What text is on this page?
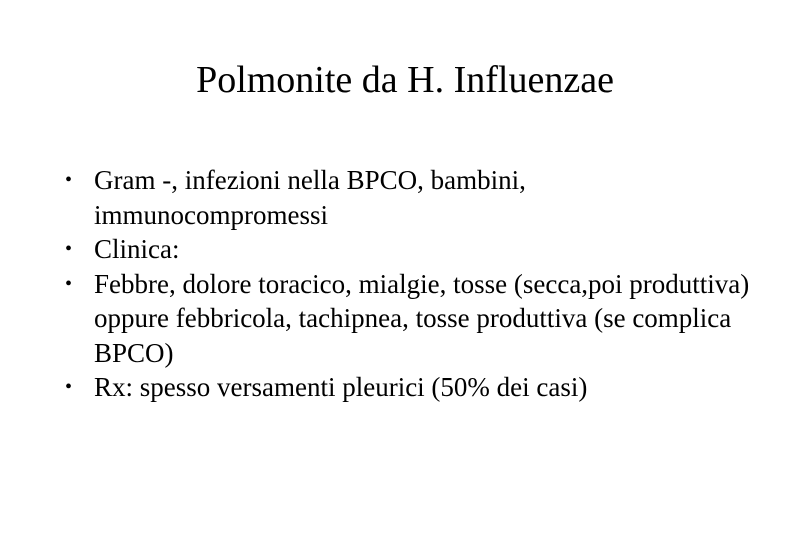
Polmonite da H. Influenzae
• Gram -, infezioni nella BPCO, bambini, immunocompromessi
• Clinica:
• Febbre, dolore toracico, mialgie, tosse (secca,poi produttiva) oppure febbricola, tachipnea, tosse produttiva (se complica BPCO)
• Rx: spesso versamenti pleurici (50% dei casi)
